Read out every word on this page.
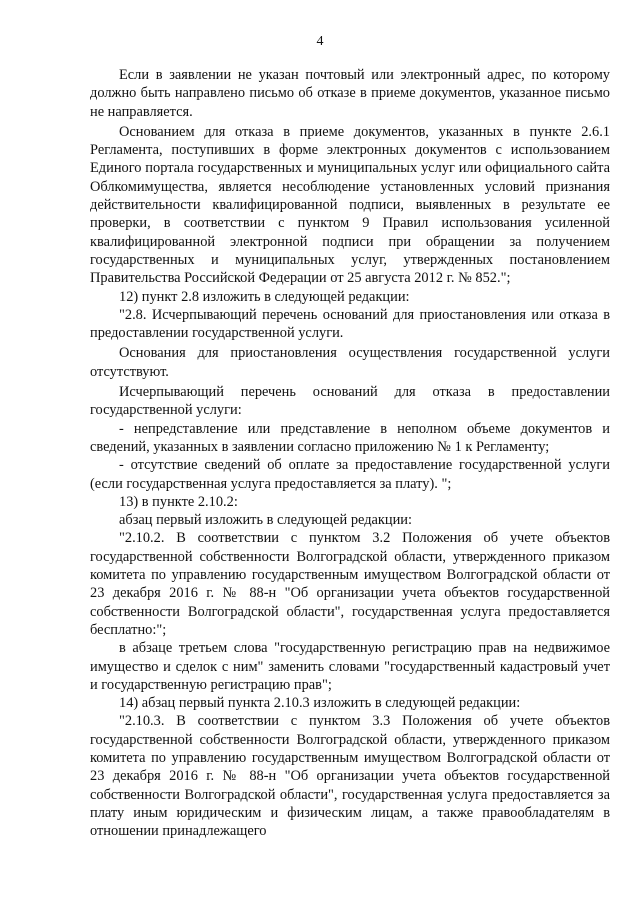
4

Если в заявлении не указан почтовый или электронный адрес, по которому должно быть направлено письмо об отказе в приеме документов, указанное письмо не направляется.

Основанием для отказа в приеме документов, указанных в пункте 2.6.1 Регламента, поступивших в форме электронных документов с использованием Единого портала государственных и муниципальных услуг или официального сайта Облкомимущества, является несоблюдение установленных условий признания действительности квалифицированной подписи, выявленных в результате ее проверки, в соответствии с пунктом 9 Правил использования усиленной квалифицированной электронной подписи при обращении за получением государственных и муниципальных услуг, утвержденных постановлением Правительства Российской Федерации от 25 августа 2012 г. № 852.";

12) пункт 2.8 изложить в следующей редакции:

"2.8. Исчерпывающий перечень оснований для приостановления или отказа в предоставлении государственной услуги.

Основания для приостановления осуществления государственной услуги отсутствуют.

Исчерпывающий перечень оснований для отказа в предоставлении государственной услуги:

- непредставление или представление в неполном объеме документов и сведений, указанных в заявлении согласно приложению № 1 к Регламенту;

- отсутствие сведений об оплате за предоставление государственной услуги (если государственная услуга предоставляется за плату). ";

13) в пункте 2.10.2:

абзац первый изложить в следующей редакции:

"2.10.2. В соответствии с пунктом 3.2 Положения об учете объектов государственной собственности Волгоградской области, утвержденного приказом комитета по управлению государственным имуществом Волгоградской области от 23 декабря 2016 г. № 88-н "Об организации учета объектов государственной собственности Волгоградской области", государственная услуга предоставляется бесплатно:";

в абзаце третьем слова "государственную регистрацию прав на недвижимое имущество и сделок с ним" заменить словами "государственный кадастровый учет и государственную регистрацию прав";

14) абзац первый пункта 2.10.3 изложить в следующей редакции:

"2.10.3. В соответствии с пунктом 3.3 Положения об учете объектов государственной собственности Волгоградской области, утвержденного приказом комитета по управлению государственным имуществом Волгоградской области от 23 декабря 2016 г. № 88-н "Об организации учета объектов государственной собственности Волгоградской области", государственная услуга предоставляется за плату иным юридическим и физическим лицам, а также правообладателям в отношении принадлежащего
